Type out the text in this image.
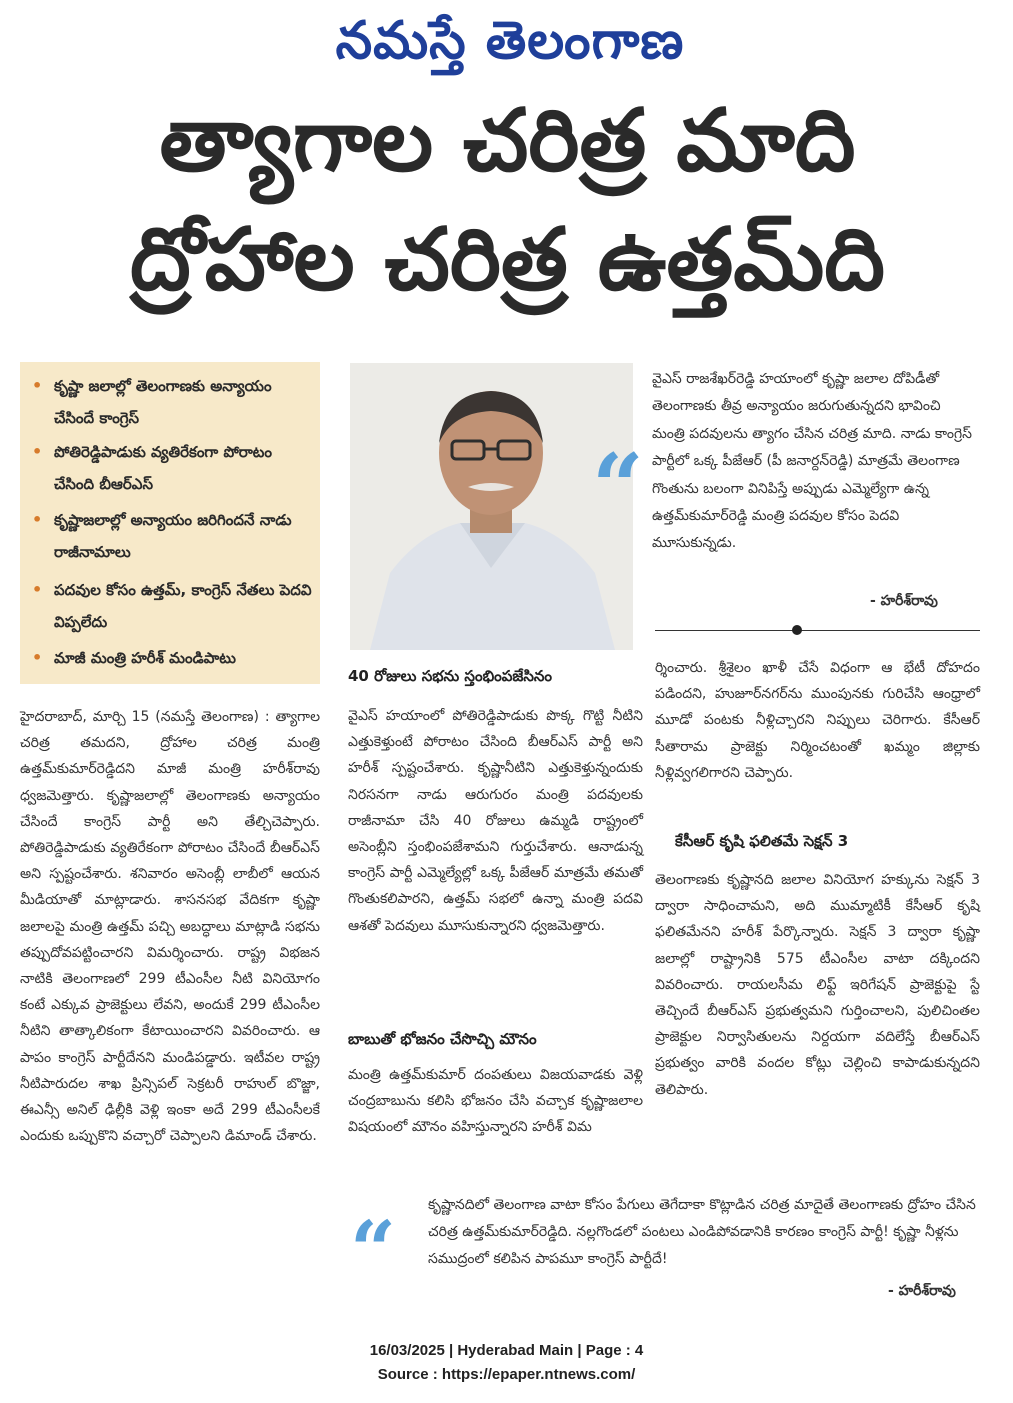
నమస్తే తెలంగాణ
త్యాగాల చరిత్ర మాది
ద్రోహాల చరిత్ర ఉత్తమ్‌ది
• కృష్ణా జలాల్లో తెలంగాణకు అన్యాయం చేసిందే కాంగ్రెస్
• పోతిరెడ్డిపాడుకు వ్యతిరేకంగా పోరాటం చేసింది బీఆర్‌ఎస్
• కృష్ణాజలాల్లో అన్యాయం జరిగిందనే నాడు రాజీనామాలు
• పదవుల కోసం ఉత్తమ్, కాంగ్రెస్ నేతలు పెదవి విప్పలేదు
• మాజీ మంత్రి హరీశ్ మండిపాటు
“
వైఎస్ రాజశేఖర్‌రెడ్డి హయాంలో కృష్ణా జలాల దోపిడీతో తెలంగాణకు తీవ్ర అన్యాయం జరుగుతున్నదని భావించి మంత్రి పదవులను త్యాగం చేసిన చరిత్ర మాది. నాడు కాంగ్రెస్ పార్టీలో ఒక్క పీజేఆర్ (పీ జనార్దన్‌రెడ్డి) మాత్రమే తెలంగాణ గొంతును బలంగా వినిపిస్తే అప్పుడు ఎమ్మెల్యేగా ఉన్న ఉత్తమ్‌కుమార్‌రెడ్డి మంత్రి పదవుల కోసం పెదవి మూసుకున్నడు.
- హరీశ్‌రావు
హైదరాబాద్, మార్చి 15 (నమస్తే తెలంగాణ) : త్యాగాల చరిత్ర తమదని, ద్రోహాల చరిత్ర మంత్రి ఉత్తమ్‌కుమార్‌రెడ్డిదని మాజీ మంత్రి హరీశ్‌రావు ధ్వజమెత్తారు. కృష్ణాజలాల్లో తెలంగాణకు అన్యాయం చేసిందే కాంగ్రెస్ పార్టీ అని తేల్చిచెప్పారు. పోతిరెడ్డిపాడుకు వ్యతిరేకంగా పోరాటం చేసిందే బీఆర్‌ఎస్ అని స్పష్టంచేశారు. శనివారం అసెంబ్లీ లాబీలో ఆయన మీడియాతో మాట్లాడారు. శాసనసభ వేదికగా కృష్ణా జలాలపై మంత్రి ఉత్తమ్ పచ్చి అబద్ధాలు మాట్లాడి సభను తప్పుదోవపట్టించారని విమర్శించారు. రాష్ట్ర విభజన నాటికి తెలంగాణలో 299 టీఎంసీల నీటి వినియోగం కంటే ఎక్కువ ప్రాజెక్టులు లేవని, అందుకే 299 టీఎంసీల నీటిని తాత్కాలికంగా కేటాయించారని వివరించారు. ఆ పాపం కాంగ్రెస్ పార్టీదేనని మండిపడ్డారు. ఇటీవల రాష్ట్ర నీటిపారుదల శాఖ ప్రిన్సిపల్ సెక్రటరీ రాహుల్ బొజ్జా, ఈఎన్సీ అనిల్ ఢిల్లీకి వెళ్లి ఇంకా అదే 299 టీఎంసీలకే ఎందుకు ఒప్పుకొని వచ్చారో చెప్పాలని డిమాండ్ చేశారు.
40 రోజులు సభను స్తంభింపజేసినం
వైఎస్ హయాంలో పోతిరెడ్డిపాడుకు పొక్క గొట్టి నీటిని ఎత్తుకెళ్తుంటే పోరాటం చేసింది బీఆర్‌ఎస్ పార్టీ అని హరీశ్ స్పష్టంచేశారు. కృష్ణానీటిని ఎత్తుకెళ్తున్నందుకు నిరసనగా నాడు ఆరుగురం మంత్రి పదవులకు రాజీనామా చేసి 40 రోజులు ఉమ్మడి రాష్ట్రంలో అసెంబ్లీని స్తంభింపజేశామని గుర్తుచేశారు. ఆనాడున్న కాంగ్రెస్ పార్టీ ఎమ్మెల్యేల్లో ఒక్క పీజేఆర్ మాత్రమే తమతో గొంతుకలిపారని, ఉత్తమ్ సభలో ఉన్నా మంత్రి పదవి ఆశతో పెదవులు మూసుకున్నారని ధ్వజమెత్తారు.
బాబుతో భోజనం చేసొచ్చి మౌనం
మంత్రి ఉత్తమ్‌కుమార్ దంపతులు విజయవాడకు వెళ్లి చంద్రబాబును కలిసి భోజనం చేసి వచ్చాక కృష్ణాజలాల విషయంలో మౌనం వహిస్తున్నారని హరీశ్ విమ
ర్శించారు. శ్రీశైలం ఖాళీ చేసే విధంగా ఆ భేటీ దోహదం పడిందని, హుజూర్‌నగర్‌ను ముంపునకు గురిచేసి ఆంధ్రాలో మూడో పంటకు నీళ్లిచ్చారని నిప్పులు చెరిగారు. కేసీఆర్ సీతారామ ప్రాజెక్టు నిర్మించటంతో ఖమ్మం జిల్లాకు నీళ్లివ్వగలిగారని చెప్పారు.
కేసీఆర్ కృషి ఫలితమే సెక్షన్ 3
తెలంగాణకు కృష్ణానది జలాల వినియోగ హక్కును సెక్షన్ 3 ద్వారా సాధించామని, అది ముమ్మాటికీ కేసీఆర్ కృషి ఫలితమేనని హరీశ్ పేర్కొన్నారు. సెక్షన్ 3 ద్వారా కృష్ణా జలాల్లో రాష్ట్రానికి 575 టీఎంసీల వాటా దక్కిందని వివరించారు. రాయలసీమ లిఫ్ట్ ఇరిగేషన్ ప్రాజెక్టుపై స్టే తెచ్చిందే బీఆర్‌ఎస్ ప్రభుత్వమని గుర్తించాలని, పులిచింతల ప్రాజెక్టుల నిర్వాసితులను నిర్దయగా వదిలేస్తే బీఆర్‌ఎస్ ప్రభుత్వం వారికి వందల కోట్లు చెల్లించి కాపాడుకున్నదని తెలిపారు.
“ కృష్ణానదిలో తెలంగాణ వాటా కోసం పేగులు తెగేదాకా కొట్లాడిన చరిత్ర మాదైతే తెలంగాణకు ద్రోహం చేసిన చరిత్ర ఉత్తమ్‌కుమార్‌రెడ్డిది. నల్లగొండలో పంటలు ఎండిపోవడానికి కారణం కాంగ్రెస్ పార్టీ! కృష్ణా నీళ్లను సముద్రంలో కలిపిన పాపమూ కాంగ్రెస్ పార్టీదే!
- హరీశ్‌రావు
16/03/2025 | Hyderabad Main | Page : 4
Source : https://epaper.ntnews.com/
